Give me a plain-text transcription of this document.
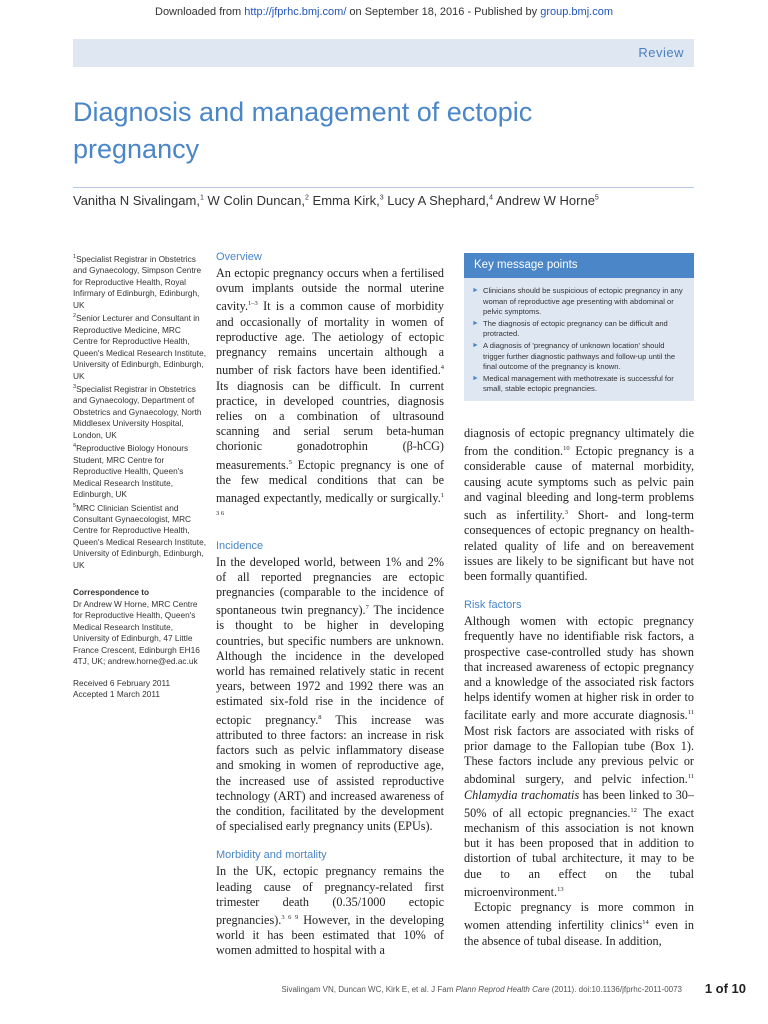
Downloaded from http://jfprhc.bmj.com/ on September 18, 2016 - Published by group.bmj.com
Review
Diagnosis and management of ectopic pregnancy
Vanitha N Sivalingam,$^1$ W Colin Duncan,$^2$ Emma Kirk,$^3$ Lucy A Shephard,$^4$ Andrew W Horne$^5$

$^1$Specialist Registrar in Obstetrics and Gynaecology, Simpson Centre for Reproductive Health, Royal Infirmary of Edinburgh, Edinburgh, UK

$^2$Senior Lecturer and Consultant in Reproductive Medicine, MRC Centre for Reproductive Health, Queen's Medical Research Institute, University of Edinburgh, Edinburgh, UK

$^3$Specialist Registrar in Obstetrics and Gynaecology, Department of Obstetrics and Gynaecology, North Middlesex University Hospital, London, UK

$^4$Reproductive Biology Honours Student, MRC Centre for Reproductive Health, Queen's Medical Research Institute, Edinburgh, UK

$^5$MRC Clinician Scientist and Consultant Gynaecologist, MRC Centre for Reproductive Health, Queen's Medical Research Institute, University of Edinburgh, Edinburgh, UK

Correspondence to

Dr Andrew W Horne, MRC Centre for Reproductive Health, Queen's Medical Research Institute, University of Edinburgh, 47 Little France Crescent, Edinburgh EH16 4TJ, UK; andrew.horne@ed.ac.uk

Received 6 February 2011

Accepted 1 March 2011

Overview

An ectopic pregnancy occurs when a fertilised ovum implants outside the normal uterine cavity.$^{1-3}$ It is a common cause of morbidity and occasionally of mortality in women of reproductive age. The aetiology of ectopic pregnancy remains uncertain although a number of risk factors have been identified.$^4$ Its diagnosis can be difficult. In current practice, in developed countries, diagnosis relies on a combination of ultrasound scanning and serial serum beta-human chorionic gonadotrophin (β-hCG) measurements.$^5$ Ectopic pregnancy is one of the few medical conditions that can be managed expectantly, medically or surgically.$^{1 3 6}$

Incidence

In the developed world, between 1% and 2% of all reported pregnancies are ectopic pregnancies (comparable to the incidence of spontaneous twin pregnancy).$^7$ The incidence is thought to be higher in developing countries, but specific numbers are unknown. Although the incidence in the developed world has remained relatively static in recent years, between 1972 and 1992 there was an estimated six-fold rise in the incidence of ectopic pregnancy.$^8$ This increase was attributed to three factors: an increase in risk factors such as pelvic inflammatory disease and smoking in women of reproductive age, the increased use of assisted reproductive technology (ART) and increased awareness of the condition, facilitated by the development of specialised early pregnancy units (EPUs).

Morbidity and mortality

In the UK, ectopic pregnancy remains the leading cause of pregnancy-related first trimester death (0.35/1000 ectopic pregnancies).$^{3 6 9}$ However, in the developing world it has been estimated that 10% of women admitted to hospital with a

Key message points
► Clinicians should be suspicious of ectopic pregnancy in any woman of reproductive age presenting with abdominal or pelvic symptoms.
► The diagnosis of ectopic pregnancy can be difficult and protracted.
► A diagnosis of 'pregnancy of unknown location' should trigger further diagnostic pathways and follow-up until the final outcome of the pregnancy is known.
► Medical management with methotrexate is successful for small, stable ectopic pregnancies.

diagnosis of ectopic pregnancy ultimately die from the condition.$^{10}$ Ectopic pregnancy is a considerable cause of maternal morbidity, causing acute symptoms such as pelvic pain and vaginal bleeding and long-term problems such as infertility.$^3$ Short- and long-term consequences of ectopic pregnancy on health-related quality of life and on bereavement issues are likely to be significant but have not been formally quantified.

Risk factors

Although women with ectopic pregnancy frequently have no identifiable risk factors, a prospective case-controlled study has shown that increased awareness of ectopic pregnancy and a knowledge of the associated risk factors helps identify women at higher risk in order to facilitate early and more accurate diagnosis.$^{11}$ Most risk factors are associated with risks of prior damage to the Fallopian tube (Box 1). These factors include any previous pelvic or abdominal surgery, and pelvic infection.$^{11}$ Chlamydia trachomatis has been linked to 30–50% of all ectopic pregnancies.$^{12}$ The exact mechanism of this association is not known but it has been proposed that in addition to distortion of tubal architecture, it may to be due to an effect on the tubal microenvironment.$^{13}$

Ectopic pregnancy is more common in women attending infertility clinics$^{14}$ even in the absence of tubal disease. In addition,

Sivalingam VN, Duncan WC, Kirk E, et al. J Fam Plann Reprod Health Care (2011). doi:10.1136/jfprhc-2011-0073 1 of 10
